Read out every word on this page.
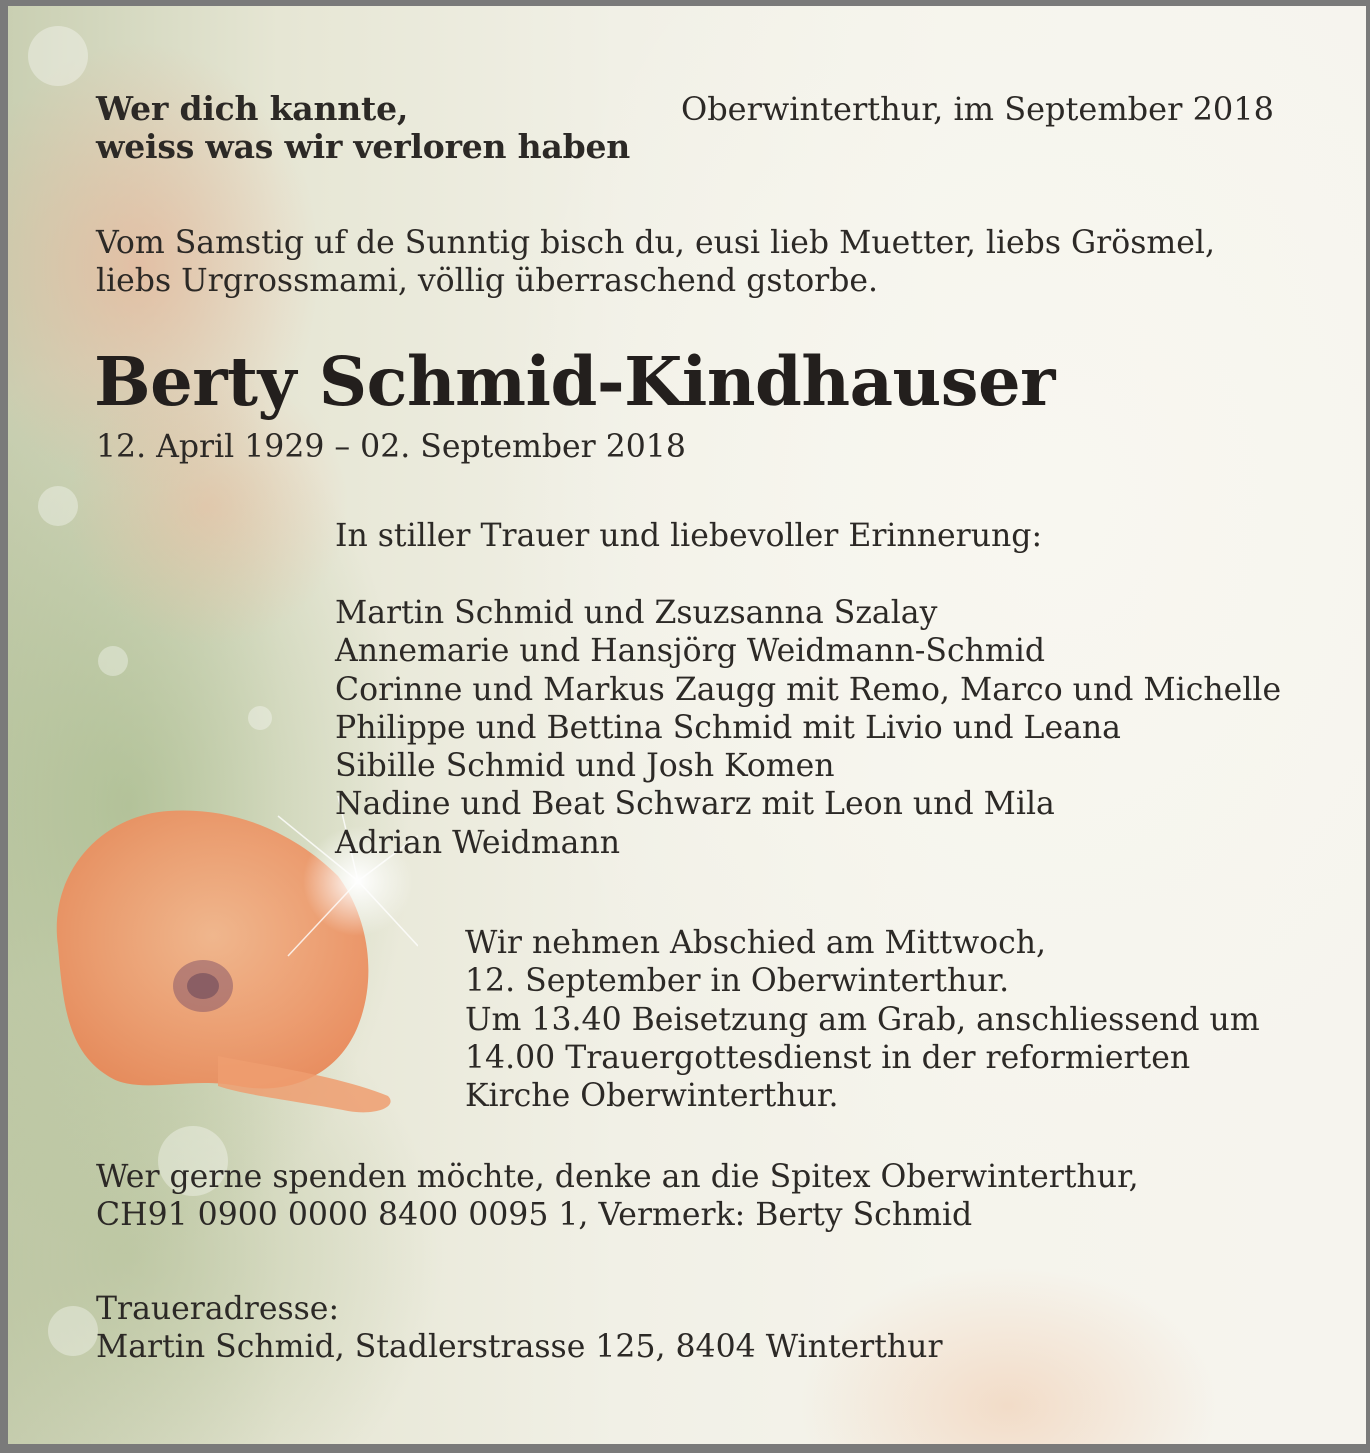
Wer dich kannte,
weiss was wir verloren haben

Oberwinterthur, im September 2018

Vom Samstig uf de Sunntig bisch du, eusi lieb Muetter, liebs Grösmel,
liebs Urgrossmami, völlig überraschend gstorbe.

Berty Schmid-Kindhauser

12. April 1929 – 02. September 2018

In stiller Trauer und liebevoller Erinnerung:

Martin Schmid und Zsuzsanna Szalay
Annemarie und Hansjörg Weidmann-Schmid
Corinne und Markus Zaugg mit Remo, Marco und Michelle
Philippe und Bettina Schmid mit Livio und Leana
Sibille Schmid und Josh Komen
Nadine und Beat Schwarz mit Leon und Mila
Adrian Weidmann

Wir nehmen Abschied am Mittwoch,
12. September in Oberwinterthur.
Um 13.40 Beisetzung am Grab, anschliessend um
14.00 Trauergottesdienst in der reformierten
Kirche Oberwinterthur.

Wer gerne spenden möchte, denke an die Spitex Oberwinterthur,
CH91 0900 0000 8400 0095 1, Vermerk: Berty Schmid

Traueradresse:
Martin Schmid, Stadlerstrasse 125, 8404 Winterthur
